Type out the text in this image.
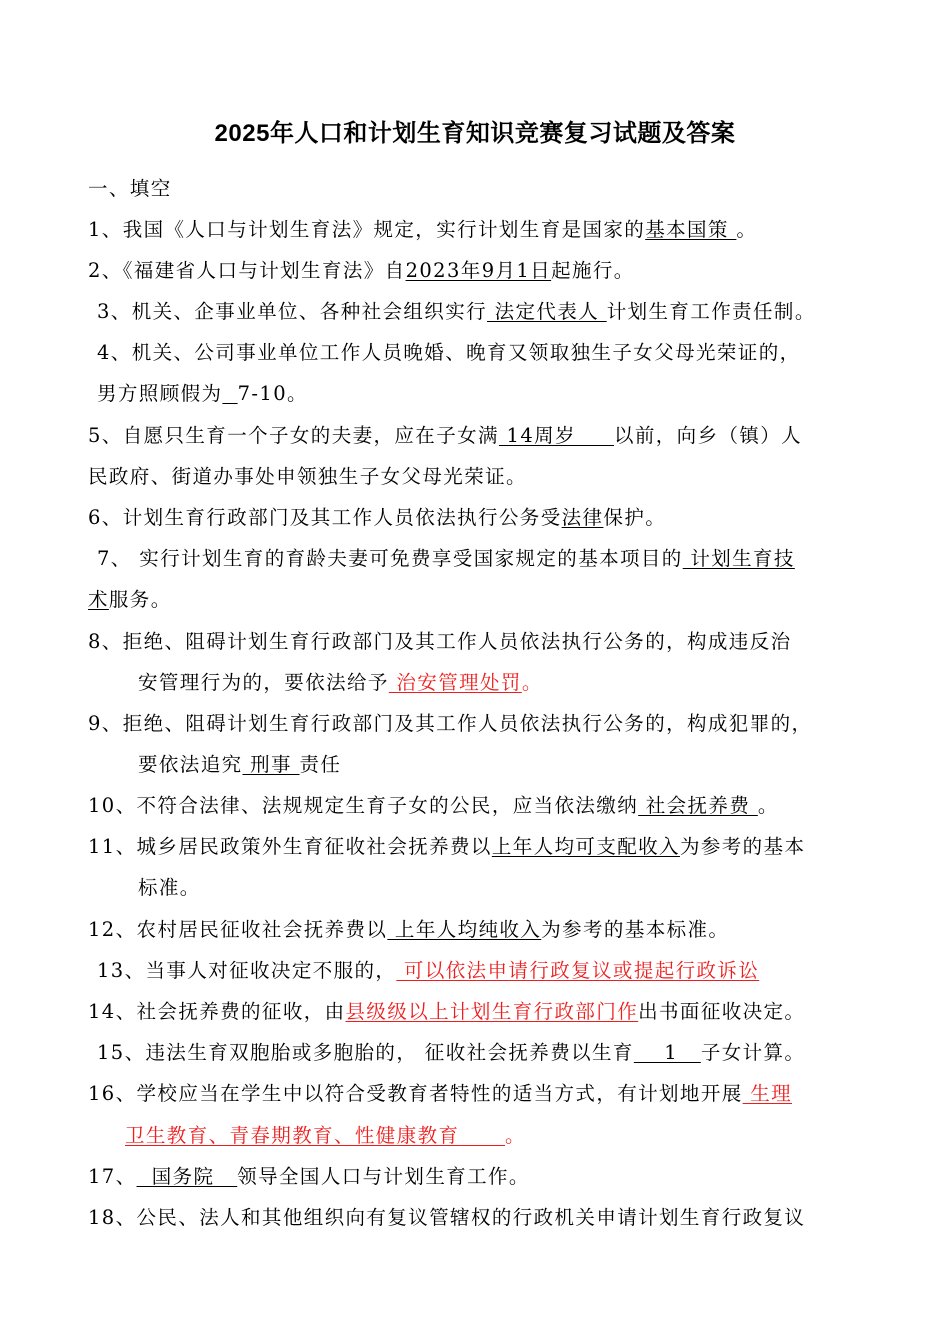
2025年人口和计划生育知识竞赛复习试题及答案
一、填空
1、我国《人口与计划生育法》规定，实行计划生育是国家的基本国策 。
2、《福建省人口与计划生育法》自2023年9月1日起施行。
3、机关、企事业单位、各种社会组织实行 法定代表人 计划生育工作责任制。
4、机关、公司事业单位工作人员晚婚、晚育又领取独生子女父母光荣证的，
男方照顾假为 7-10。
5、自愿只生育一个子女的夫妻，应在子女满 14周岁     以前，向乡（镇）人
民政府、街道办事处申领独生子女父母光荣证。
6、计划生育行政部门及其工作人员依法执行公务受法律保护。
7、 实行计划生育的育龄夫妻可免费享受国家规定的基本项目的 计划生育技
术服务。
8、拒绝、阻碍计划生育行政部门及其工作人员依法执行公务的，构成违反治
安管理行为的，要依法给予 治安管理处罚。
9、拒绝、阻碍计划生育行政部门及其工作人员依法执行公务的，构成犯罪的，
要依法追究 刑事 责任
10、不符合法律、法规规定生育子女的公民，应当依法缴纳 社会抚养费 。
11、城乡居民政策外生育征收社会抚养费以上年人均可支配收入为参考的基本
标准。
12、农村居民征收社会抚养费以 上年人均纯收入为参考的基本标准。
13、当事人对征收决定不服的， 可以依法申请行政复议或提起行政诉讼
14、社会抚养费的征收，由县级级以上计划生育行政部门作出书面征收决定。
15、违法生育双胞胎或多胞胎的， 征收社会抚养费以生育    1   子女计算。
16、学校应当在学生中以符合受教育者特性的适当方式，有计划地开展 生理
卫生教育、青春期教育、性健康教育 。
17、  国务院   领导全国人口与计划生育工作。
18、公民、法人和其他组织向有复议管辖权的行政机关申请计划生育行政复议
